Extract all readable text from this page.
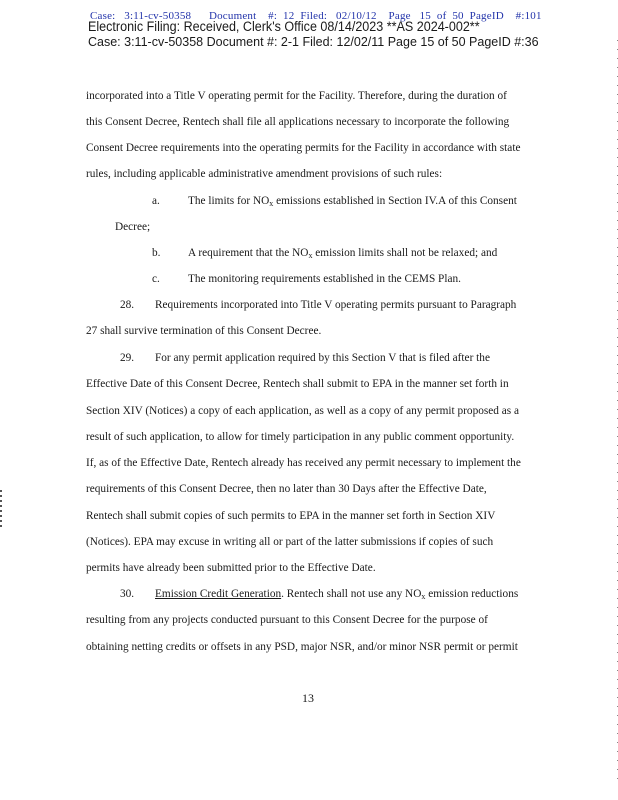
Case:   3:11-cv-50358      Document    #:  12  Filed:   02/10/12    Page   15  of  50  PageID    #:101
Electronic Filing: Received, Clerk's Office 08/14/2023 **AS 2024-002**
Case: 3:11-cv-50358 Document #: 2-1 Filed: 12/02/11 Page 15 of 50 PageID #:36
incorporated into a Title V operating permit for the Facility. Therefore, during the duration of
this Consent Decree, Rentech shall file all applications necessary to incorporate the following
Consent Decree requirements into the operating permits for the Facility in accordance with state
rules, including applicable administrative amendment provisions of such rules:
a. The limits for $NO_x$ emissions established in Section IV.A of this Consent
Decree;
b. A requirement that the $NO_x$ emission limits shall not be relaxed; and
c. The monitoring requirements established in the CEMS Plan.
28. Requirements incorporated into Title V operating permits pursuant to Paragraph
27 shall survive termination of this Consent Decree.
29. For any permit application required by this Section V that is filed after the
Effective Date of this Consent Decree, Rentech shall submit to EPA in the manner set forth in
Section XIV (Notices) a copy of each application, as well as a copy of any permit proposed as a
result of such application, to allow for timely participation in any public comment opportunity.
If, as of the Effective Date, Rentech already has received any permit necessary to implement the
requirements of this Consent Decree, then no later than 30 Days after the Effective Date,
Rentech shall submit copies of such permits to EPA in the manner set forth in Section XIV
(Notices). EPA may excuse in writing all or part of the latter submissions if copies of such
permits have already been submitted prior to the Effective Date.
30. Emission Credit Generation. Rentech shall not use any $NO_x$ emission reductions
resulting from any projects conducted pursuant to this Consent Decree for the purpose of
obtaining netting credits or offsets in any PSD, major NSR, and/or minor NSR permit or permit
13
